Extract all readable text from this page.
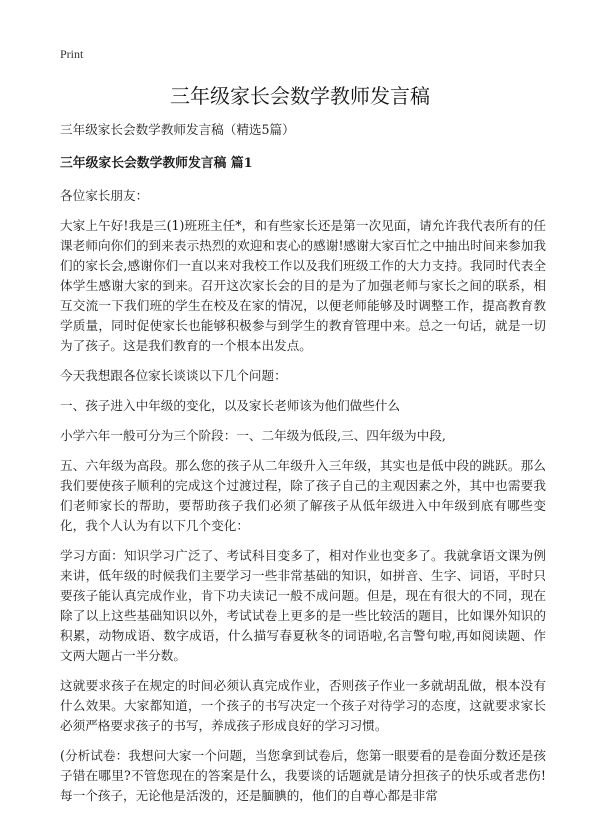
Print
三年级家长会数学教师发言稿

三年级家长会数学教师发言稿（精选5篇）

三年级家长会数学教师发言稿 篇1

各位家长朋友：

大家上午好!我是三(1)班班主任*，和有些家长还是第一次见面，请允许我代表所有的任课老师向你们的到来表示热烈的欢迎和衷心的感谢!感谢大家百忙之中抽出时间来参加我们的家长会,感谢你们一直以来对我校工作以及我们班级工作的大力支持。我同时代表全体学生感谢大家的到来。召开这次家长会的目的是为了加强老师与家长之间的联系，相互交流一下我们班的学生在校及在家的情况，以便老师能够及时调整工作，提高教育教学质量，同时促使家长也能够积极参与到学生的教育管理中来。总之一句话，就是一切为了孩子。这是我们教育的一个根本出发点。

今天我想跟各位家长谈谈以下几个问题：

一、孩子进入中年级的变化，以及家长老师该为他们做些什么

小学六年一般可分为三个阶段：一、二年级为低段,三、四年级为中段,

五、六年级为高段。那么您的孩子从二年级升入三年级，其实也是低中段的跳跃。那么我们要使孩子顺利的完成这个过渡过程，除了孩子自己的主观因素之外，其中也需要我们老师家长的帮助，要帮助孩子我们必须了解孩子从低年级进入中年级到底有哪些变化，我个人认为有以下几个变化：

学习方面：知识学习广泛了、考试科目变多了，相对作业也变多了。我就拿语文课为例来讲，低年级的时候我们主要学习一些非常基础的知识，如拼音、生字、词语，平时只要孩子能认真完成作业，肯下功夫读记一般不成问题。但是，现在有很大的不同，现在除了以上这些基础知识以外，考试试卷上更多的是一些比较活的题目，比如课外知识的积累，动物成语、数字成语，什么描写春夏秋冬的词语啦,名言警句啦,再如阅读题、作文两大题占一半分数。

这就要求孩子在规定的时间必须认真完成作业，否则孩子作业一多就胡乱做，根本没有什么效果。大家都知道，一个孩子的书写决定一个孩子对待学习的态度，这就要求家长必须严格要求孩子的书写，养成孩子形成良好的学习习惯。

(分析试卷：我想问大家一个问题，当您拿到试卷后，您第一眼要看的是卷面分数还是孩子错在哪里?不管您现在的答案是什么，我要谈的话题就是请分担孩子的快乐或者悲伤!每一个孩子，无论他是活泼的，还是腼腆的，他们的自尊心都是非常
